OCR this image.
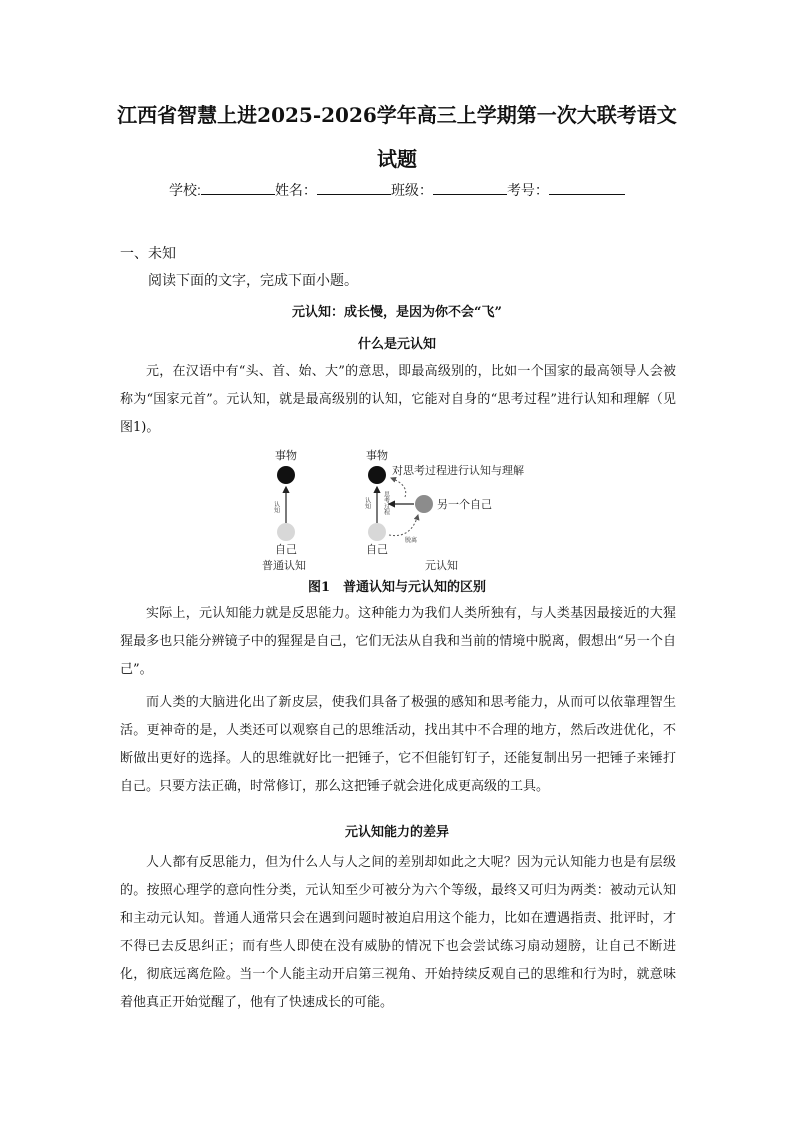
江西省智慧上进2025-2026学年高三上学期第一次大联考语文
试题
学校:	姓名：	班级：	考号：
一、未知
阅读下面的文字，完成下面小题。
元认知：成长慢，是因为你不会“飞”
什么是元认知
元，在汉语中有“头、首、始、大”的意思，即最高级别的，比如一个国家的最高领导人会被称为“国家元首”。元认知，就是最高级别的认知，它能对自身的“思考过程”进行认知和理解（见图1)。
事物
认知
自己
普通认知
事物
认知 思考过程
自己
元认知
另一个自己
对思考过程进行认知与理解
脱离
图1　普通认知与元认知的区别
实际上，元认知能力就是反思能力。这种能力为我们人类所独有，与人类基因最接近的大猩猩最多也只能分辨镜子中的猩猩是自己，它们无法从自我和当前的情境中脱离，假想出“另一个自己”。
而人类的大脑进化出了新皮层，使我们具备了极强的感知和思考能力，从而可以依靠理智生活。更神奇的是，人类还可以观察自己的思维活动，找出其中不合理的地方，然后改进优化，不断做出更好的选择。人的思维就好比一把锤子，它不但能钉钉子，还能复制出另一把锤子来锤打自己。只要方法正确，时常修订，那么这把锤子就会进化成更高级的工具。
元认知能力的差异
人人都有反思能力，但为什么人与人之间的差别却如此之大呢？因为元认知能力也是有层级的。按照心理学的意向性分类，元认知至少可被分为六个等级，最终又可归为两类：被动元认知和主动元认知。普通人通常只会在遇到问题时被迫启用这个能力，比如在遭遇指责、批评时，才不得已去反思纠正；而有些人即使在没有威胁的情况下也会尝试练习扇动翅膀，让自己不断进化，彻底远离危险。当一个人能主动开启第三视角、开始持续反观自己的思维和行为时，就意味着他真正开始觉醒了，他有了快速成长的可能。
